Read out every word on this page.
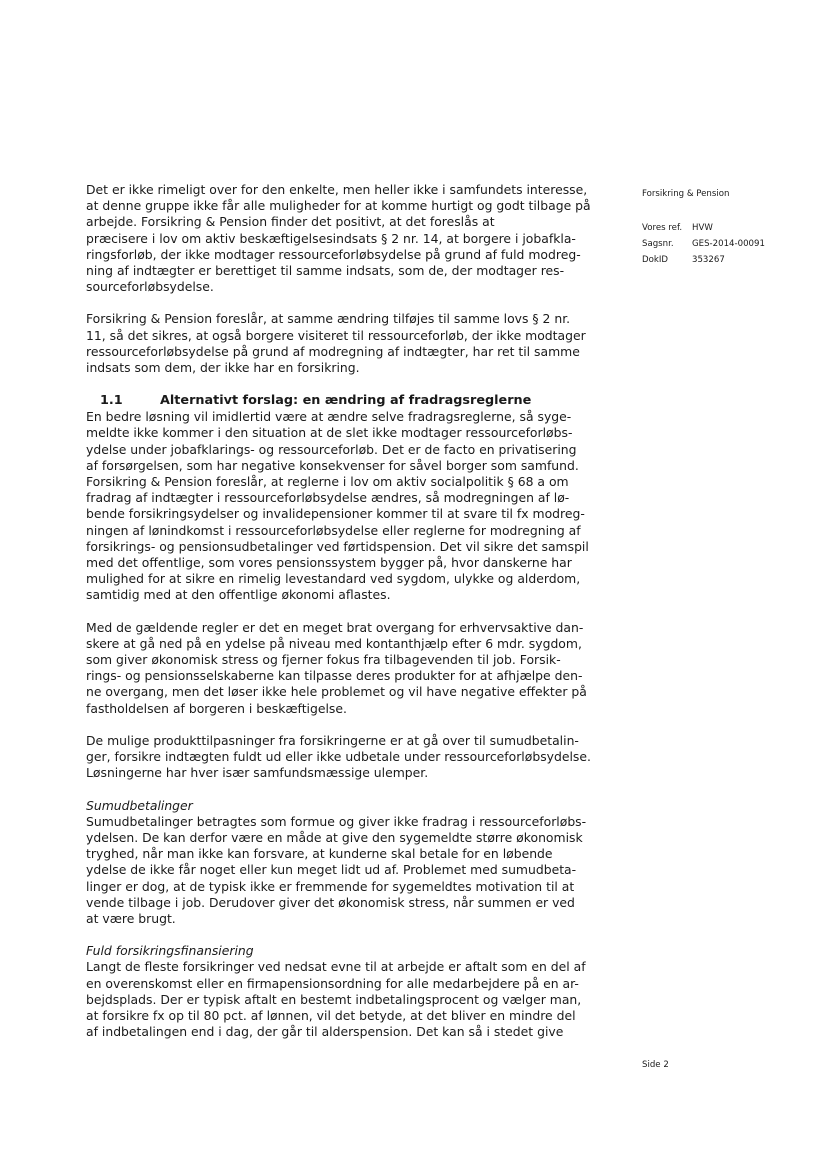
Det er ikke rimeligt over for den enkelte, men heller ikke i samfundets interesse,
at denne gruppe ikke får alle muligheder for at komme hurtigt og godt tilbage på
arbejde. Forsikring & Pension finder det positivt, at det foreslås at
præcisere i lov om aktiv beskæftigelsesindsats § 2 nr. 14, at borgere i jobafkla-
ringsforløb, der ikke modtager ressourceforløbsydelse på grund af fuld modreg-
ning af indtægter er berettiget til samme indsats, som de, der modtager res-
sourceforløbsydelse.
Forsikring & Pension foreslår, at samme ændring tilføjes til samme lovs § 2 nr.
11, så det sikres, at også borgere visiteret til ressourceforløb, der ikke modtager
ressourceforløbsydelse på grund af modregning af indtægter, har ret til samme
indsats som dem, der ikke har en forsikring.
1.1	Alternativt forslag: en ændring af fradragsreglerne
En bedre løsning vil imidlertid være at ændre selve fradragsreglerne, så syge-
meldte ikke kommer i den situation at de slet ikke modtager ressourceforløbs-
ydelse under jobafklarings- og ressourceforløb. Det er de facto en privatisering
af forsørgelsen, som har negative konsekvenser for såvel borger som samfund.
Forsikring & Pension foreslår, at reglerne i lov om aktiv socialpolitik § 68 a om
fradrag af indtægter i ressourceforløbsydelse ændres, så modregningen af lø-
bende forsikringsydelser og invalidepensioner kommer til at svare til fx modreg-
ningen af lønindkomst i ressourceforløbsydelse eller reglerne for modregning af
forsikrings- og pensionsudbetalinger ved førtidspension. Det vil sikre det samspil
med det offentlige, som vores pensionssystem bygger på, hvor danskerne har
mulighed for at sikre en rimelig levestandard ved sygdom, ulykke og alderdom,
samtidig med at den offentlige økonomi aflastes.
Med de gældende regler er det en meget brat overgang for erhvervsaktive dan-
skere at gå ned på en ydelse på niveau med kontanthjælp efter 6 mdr. sygdom,
som giver økonomisk stress og fjerner fokus fra tilbagevenden til job. Forsik-
rings- og pensionsselskaberne kan tilpasse deres produkter for at afhjælpe den-
ne overgang, men det løser ikke hele problemet og vil have negative effekter på
fastholdelsen af borgeren i beskæftigelse.
De mulige produkttilpasninger fra forsikringerne er at gå over til sumudbetalin-
ger, forsikre indtægten fuldt ud eller ikke udbetale under ressourceforløbsydelse.
Løsningerne har hver især samfundsmæssige ulemper.

Sumudbetalinger

Sumudbetalinger betragtes som formue og giver ikke fradrag i ressourceforløbs-
ydelsen. De kan derfor være en måde at give den sygemeldte større økonomisk
tryghed, når man ikke kan forsvare, at kunderne skal betale for en løbende
ydelse de ikke får noget eller kun meget lidt ud af. Problemet med sumudbeta-
linger er dog, at de typisk ikke er fremmende for sygemeldtes motivation til at
vende tilbage i job. Derudover giver det økonomisk stress, når summen er ved
at være brugt.

Fuld forsikringsfinansiering

Langt de fleste forsikringer ved nedsat evne til at arbejde er aftalt som en del af
en overenskomst eller en firmapensionsordning for alle medarbejdere på en ar-
bejdsplads. Der er typisk aftalt en bestemt indbetalingsprocent og vælger man,
at forsikre fx op til 80 pct. af lønnen, vil det betyde, at det bliver en mindre del
af indbetalingen end i dag, der går til alderspension. Det kan så i stedet give
Forsikring & Pension
Vores ref.	HVW
Sagsnr.	GES-2014-00091
DokID	353267
Side 2
